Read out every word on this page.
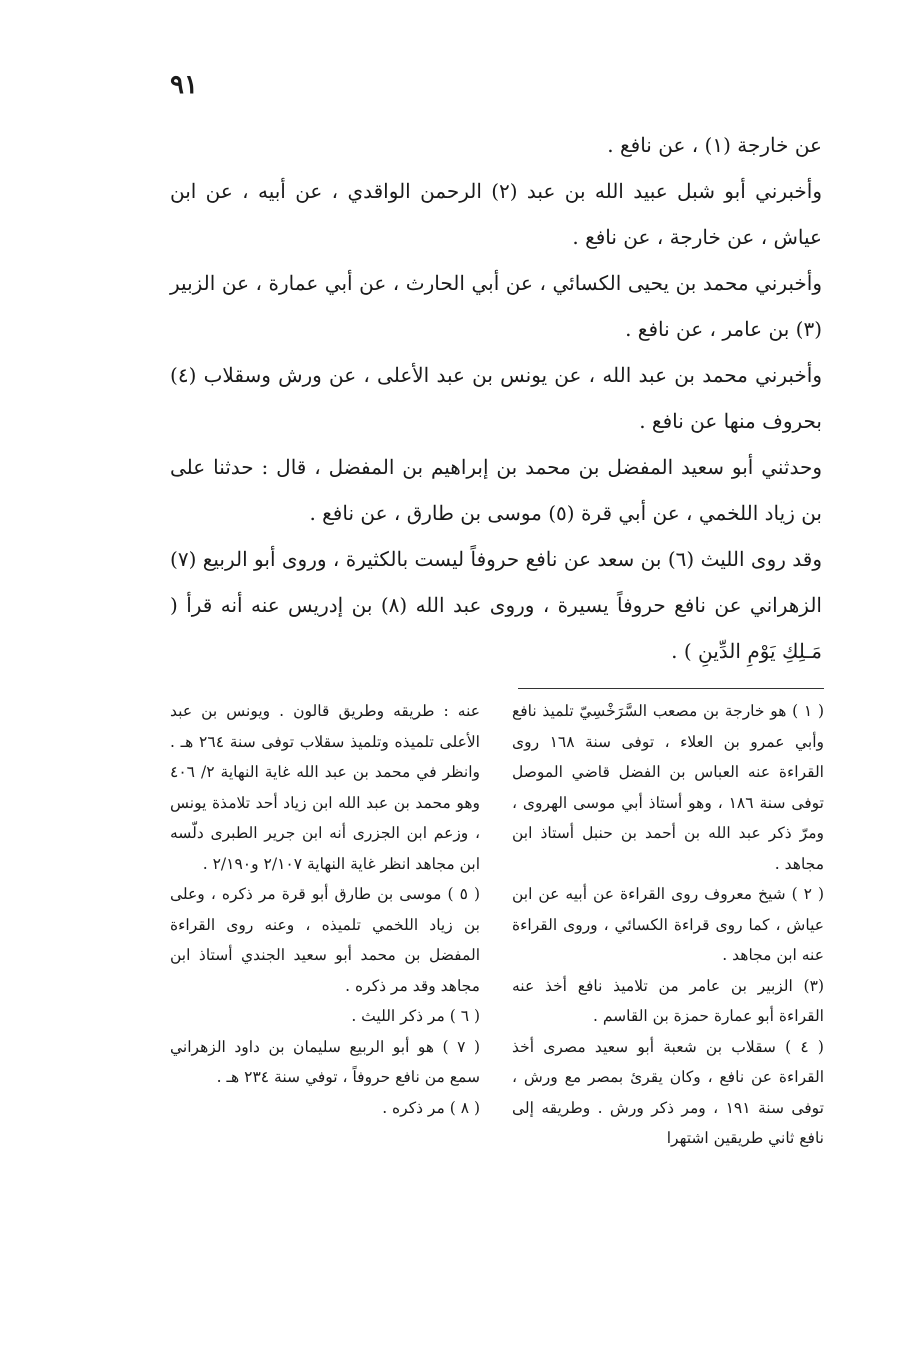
٩١

عن خارجة (١) ، عن نافع .

وأخبرني أبو شبل عبيد الله بن عبد (٢) الرحمن الواقدي ، عن أبيه ، عن ابن عياش ، عن خارجة ، عن نافع .

وأخبرني محمد بن يحيى الكسائي ، عن أبي الحارث ، عن أبي عمارة ، عن الزبير (٣) بن عامر ، عن نافع .

وأخبرني محمد بن عبد الله ، عن يونس بن عبد الأعلى ، عن ورش وسقلاب (٤) بحروف منها عن نافع .

وحدثني أبو سعيد المفضل بن محمد بن إبراهيم بن المفضل ، قال : حدثنا على بن زياد اللخمي ، عن أبي قرة (٥) موسى بن طارق ، عن نافع .

وقد روى الليث (٦) بن سعد عن نافع حروفاً ليست بالكثيرة ، وروى أبو الربيع (٧) الزهراني عن نافع حروفاً يسيرة ، وروى عبد الله (٨) بن إدريس عنه أنه قرأ ( مَـلِكِ يَوْمِ الدِّينِ ) .

( ١ ) هو خارجة بن مصعب السَّرَخْسِيّ تلميذ نافع وأبي عمرو بن العلاء ، توفى سنة ١٦٨ روى القراءة عنه العباس بن الفضل قاضي الموصل توفى سنة ١٨٦ ، وهو أستاذ أبي موسى الهروى ، ومرّ ذكر عبد الله بن أحمد بن حنبل أستاذ ابن مجاهد .

( ٢ ) شيخ معروف روى القراءة عن أبيه عن ابن عياش ، كما روى قراءة الكسائي ، وروى القراءة عنه ابن مجاهد .

(٣) الزبير بن عامر من تلاميذ نافع أخذ عنه القراءة أبو عمارة حمزة بن القاسم .

( ٤ ) سقلاب بن شعبة أبو سعيد مصرى أخذ القراءة عن نافع ، وكان يقرئ بمصر مع ورش ، توفى سنة ١٩١ ، ومر ذكر ورش . وطريقه إلى نافع ثاني طريقين اشتهرا

عنه : طريقه وطريق قالون . ويونس بن عبد الأعلى تلميذه وتلميذ سقلاب توفى سنة ٢٦٤ هـ . وانظر في محمد بن عبد الله غاية النهاية ٢/ ٤٠٦ وهو محمد بن عبد الله ابن زياد أحد تلامذة يونس ، وزعم ابن الجزرى أنه ابن جرير الطبرى دلّسه ابن مجاهد انظر غاية النهاية ٢/١٠٧ و٢/١٩٠ .

( ٥ ) موسى بن طارق أبو قرة مر ذكره ، وعلى بن زياد اللخمي تلميذه ، وعنه روى القراءة المفضل بن محمد أبو سعيد الجندي أستاذ ابن مجاهد وقد مر ذكره .

( ٦ ) مر ذكر الليث .

( ٧ ) هو أبو الربيع سليمان بن داود الزهراني سمع من نافع حروفاً ، توفي سنة ٢٣٤ هـ .

( ٨ ) مر ذكره .
